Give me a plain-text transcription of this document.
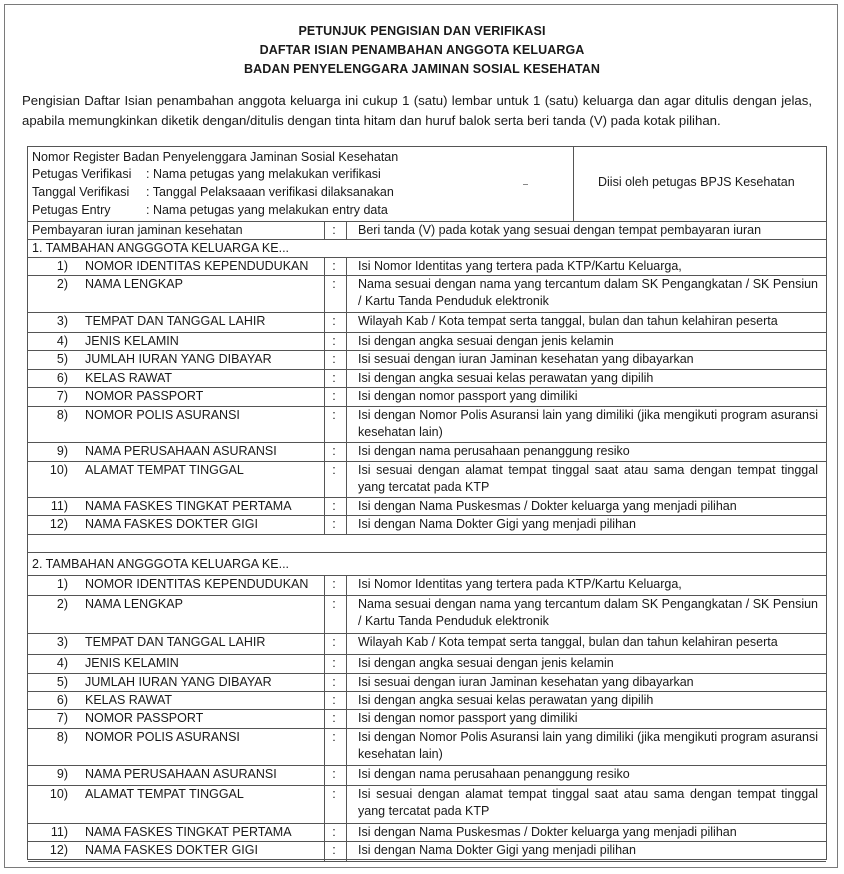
PETUNJUK PENGISIAN DAN VERIFIKASI
DAFTAR ISIAN PENAMBAHAN ANGGOTA KELUARGA
BADAN PENYELENGGARA JAMINAN SOSIAL KESEHATAN
Pengisian Daftar Isian penambahan anggota keluarga ini cukup 1 (satu) lembar untuk 1 (satu) keluarga dan agar ditulis dengan jelas, apabila memungkinkan diketik dengan/ditulis dengan tinta hitam dan huruf balok serta beri tanda (V) pada kotak pilihan.
Nomor Register Badan Penyelenggara Jaminan Sosial Kesehatan
Petugas Verifikasi : Nama petugas yang melakukan verifikasi
Tanggal Verifikasi : Tanggal Pelaksaaan verifikasi dilaksanakan
Petugas Entry	: Nama petugas yang melakukan entry data
Diisi oleh petugas BPJS Kesehatan
Pembayaran iuran jaminan kesehatan	: Beri tanda (V) pada kotak yang sesuai dengan tempat pembayaran iuran
1. TAMBAHAN ANGGGOTA KELUARGA KE...
1) NOMOR IDENTITAS KEPENDUDUKAN : Isi Nomor Identitas yang tertera pada KTP/Kartu Keluarga,
2) NAMA LENGKAP	: Nama sesuai dengan nama yang tercantum dalam SK Pengangkatan / SK Pensiun / Kartu Tanda Penduduk elektronik
3) TEMPAT DAN TANGGAL LAHIR	: Wilayah Kab / Kota tempat serta tanggal, bulan dan tahun kelahiran peserta
4) JENIS KELAMIN	: Isi dengan angka sesuai dengan jenis kelamin
5) JUMLAH IURAN YANG DIBAYAR	: Isi sesuai dengan iuran Jaminan kesehatan yang dibayarkan
6) KELAS RAWAT	: Isi dengan angka sesuai kelas perawatan yang dipilih
7) NOMOR PASSPORT	: Isi dengan nomor passport yang dimiliki
8) NOMOR POLIS ASURANSI	: Isi dengan Nomor Polis Asuransi lain yang dimiliki (jika mengikuti program asuransi kesehatan lain)
9) NAMA PERUSAHAAN ASURANSI	: Isi dengan nama perusahaan penanggung resiko
10) ALAMAT TEMPAT TINGGAL	: Isi sesuai dengan alamat tempat tinggal saat atau sama dengan tempat tinggal yang tercatat pada KTP
11) NAMA FASKES TINGKAT PERTAMA	: Isi dengan Nama Puskesmas / Dokter keluarga yang menjadi pilihan
12) NAMA FASKES DOKTER GIGI	: Isi dengan Nama Dokter Gigi yang menjadi pilihan
2. TAMBAHAN ANGGGOTA KELUARGA KE...
1) NOMOR IDENTITAS KEPENDUDUKAN : Isi Nomor Identitas yang tertera pada KTP/Kartu Keluarga,
2) NAMA LENGKAP	: Nama sesuai dengan nama yang tercantum dalam SK Pengangkatan / SK Pensiun / Kartu Tanda Penduduk elektronik
3) TEMPAT DAN TANGGAL LAHIR	: Wilayah Kab / Kota tempat serta tanggal, bulan dan tahun kelahiran peserta
4) JENIS KELAMIN	: Isi dengan angka sesuai dengan jenis kelamin
5) JUMLAH IURAN YANG DIBAYAR	: Isi sesuai dengan iuran Jaminan kesehatan yang dibayarkan
6) KELAS RAWAT	: Isi dengan angka sesuai kelas perawatan yang dipilih
7) NOMOR PASSPORT	: Isi dengan nomor passport yang dimiliki
8) NOMOR POLIS ASURANSI	: Isi dengan Nomor Polis Asuransi lain yang dimiliki (jika mengikuti program asuransi kesehatan lain)
9) NAMA PERUSAHAAN ASURANSI	: Isi dengan nama perusahaan penanggung resiko
10) ALAMAT TEMPAT TINGGAL	: Isi sesuai dengan alamat tempat tinggal saat atau sama dengan tempat tinggal yang tercatat pada KTP
11) NAMA FASKES TINGKAT PERTAMA	: Isi dengan Nama Puskesmas / Dokter keluarga yang menjadi pilihan
12) NAMA FASKES DOKTER GIGI	: Isi dengan Nama Dokter Gigi yang menjadi pilihan
